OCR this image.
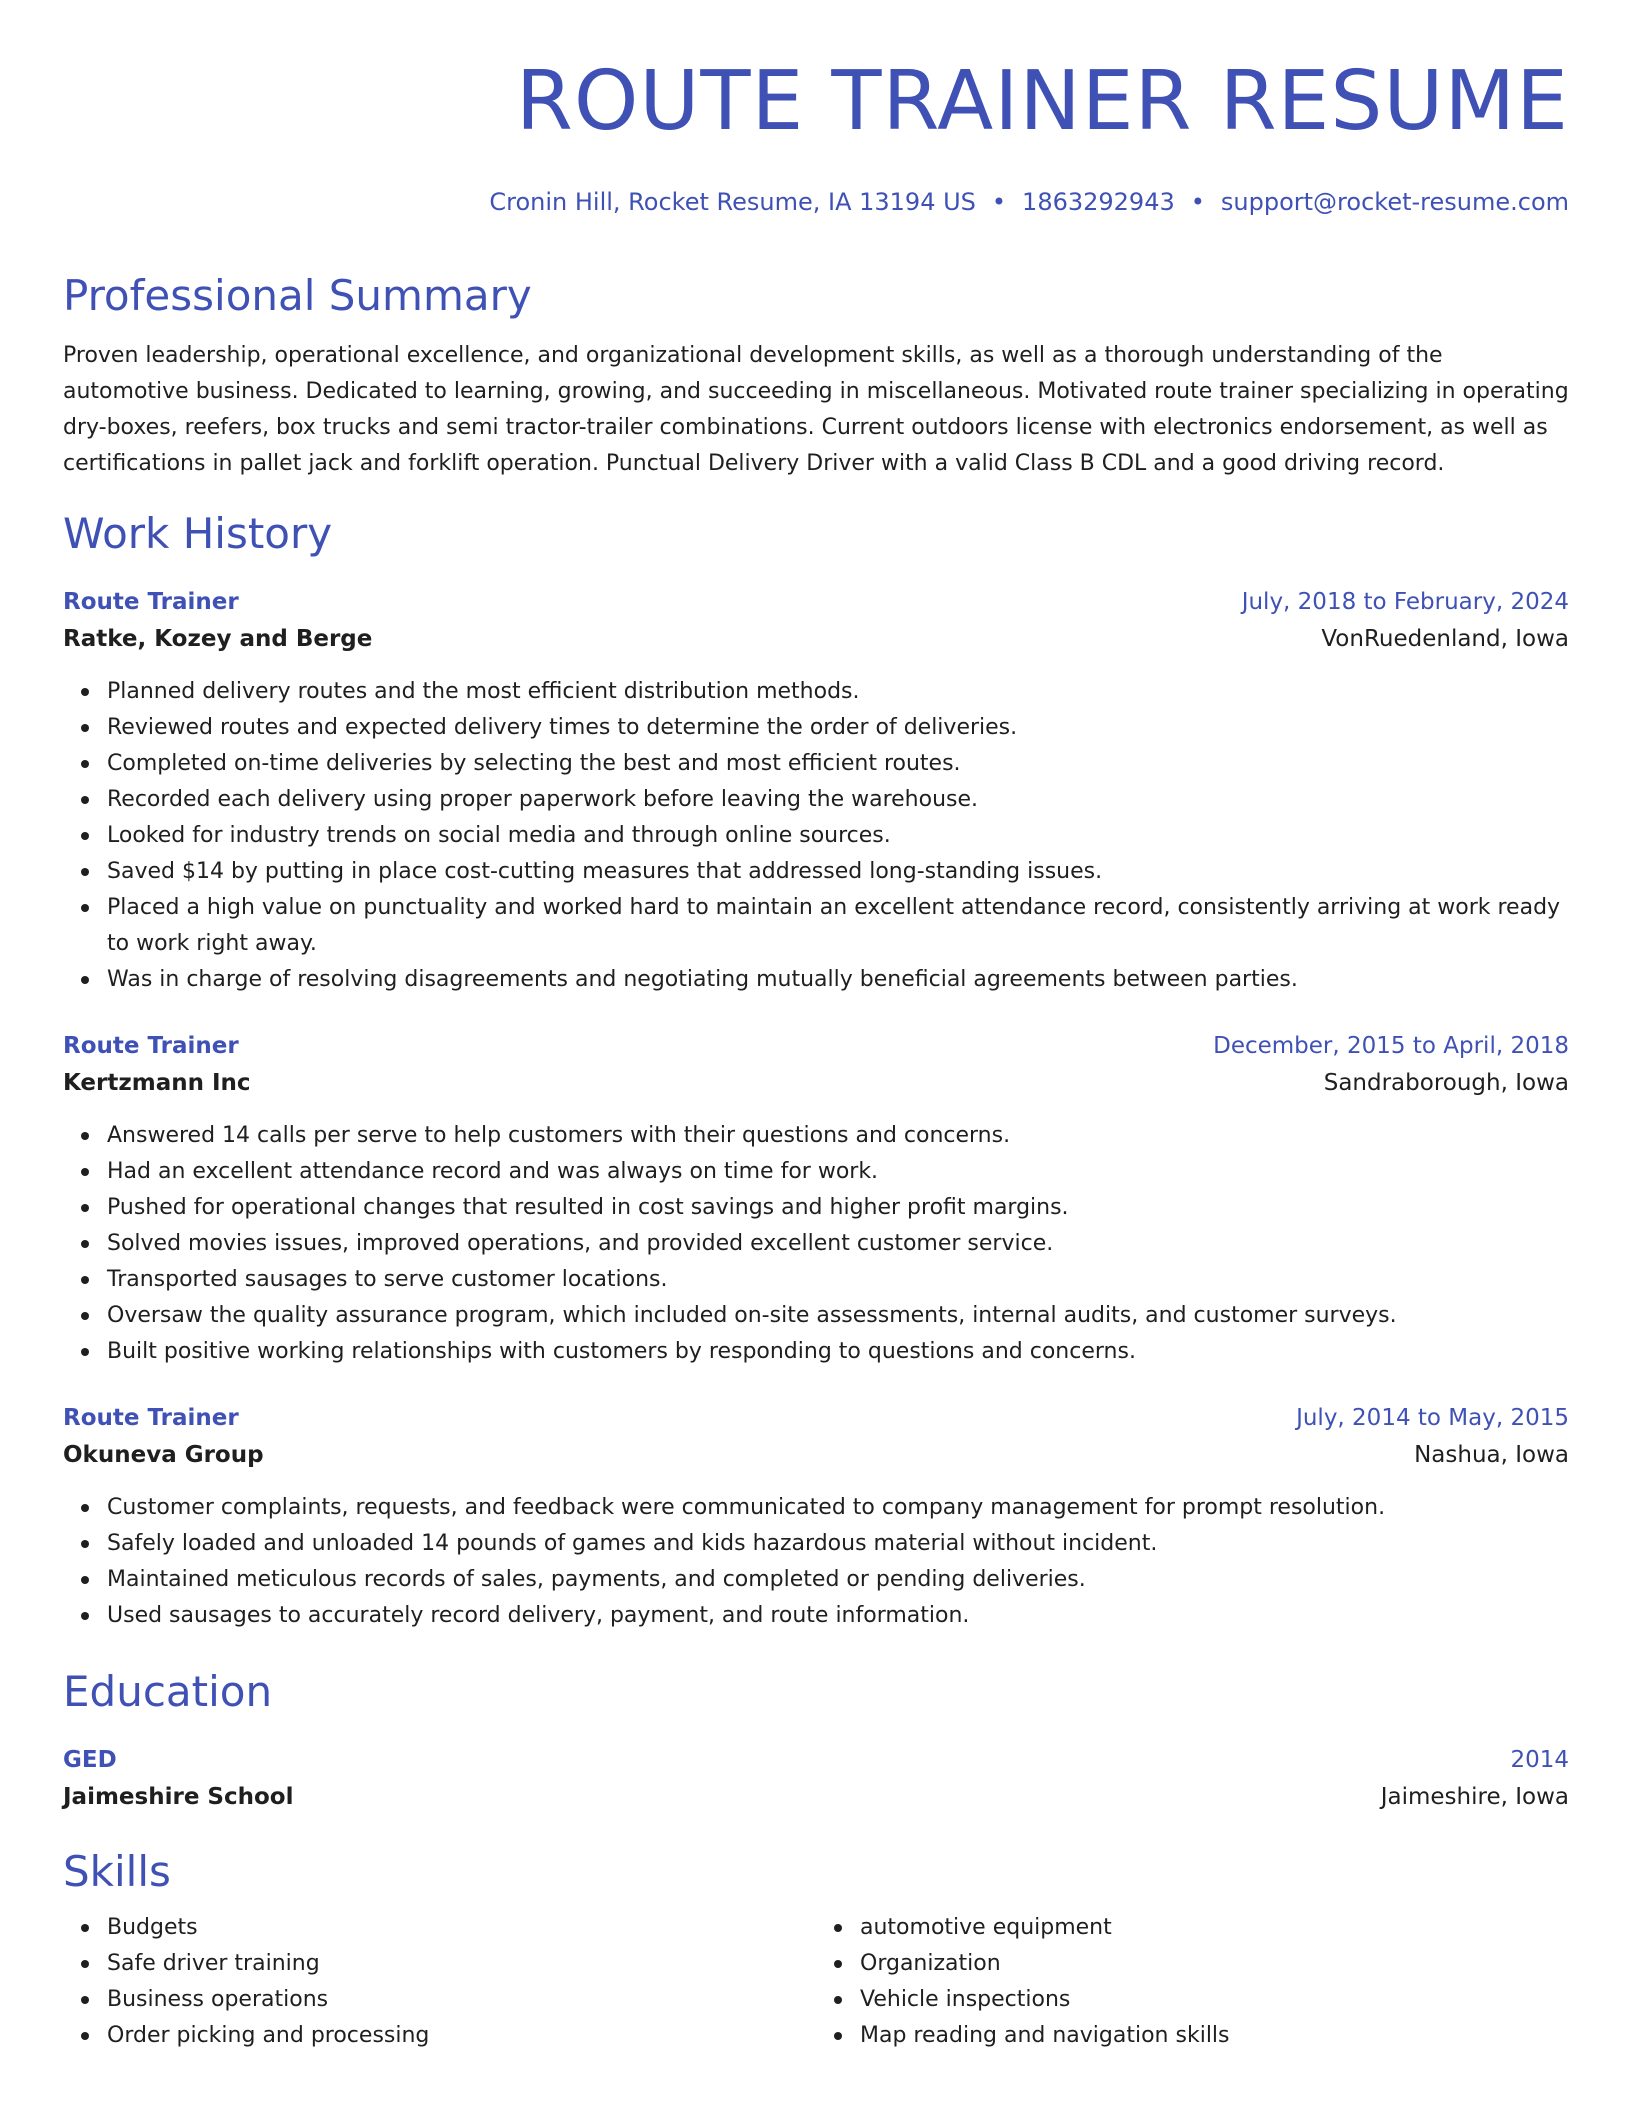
ROUTE TRAINER RESUME
Cronin Hill, Rocket Resume, IA 13194 US • 1863292943 • support@rocket-resume.com
Professional Summary
Proven leadership, operational excellence, and organizational development skills, as well as a thorough understanding of the automotive business. Dedicated to learning, growing, and succeeding in miscellaneous. Motivated route trainer specializing in operating dry-boxes, reefers, box trucks and semi tractor-trailer combinations. Current outdoors license with electronics endorsement, as well as certifications in pallet jack and forklift operation. Punctual Delivery Driver with a valid Class B CDL and a good driving record.
Work History
Route Trainer	July, 2018 to February, 2024
Ratke, Kozey and Berge	VonRuedenland, Iowa
Planned delivery routes and the most efficient distribution methods.
Reviewed routes and expected delivery times to determine the order of deliveries.
Completed on-time deliveries by selecting the best and most efficient routes.
Recorded each delivery using proper paperwork before leaving the warehouse.
Looked for industry trends on social media and through online sources.
Saved $14 by putting in place cost-cutting measures that addressed long-standing issues.
Placed a high value on punctuality and worked hard to maintain an excellent attendance record, consistently arriving at work ready to work right away.
Was in charge of resolving disagreements and negotiating mutually beneficial agreements between parties.
Route Trainer	December, 2015 to April, 2018
Kertzmann Inc	Sandraborough, Iowa
Answered 14 calls per serve to help customers with their questions and concerns.
Had an excellent attendance record and was always on time for work.
Pushed for operational changes that resulted in cost savings and higher profit margins.
Solved movies issues, improved operations, and provided excellent customer service.
Transported sausages to serve customer locations.
Oversaw the quality assurance program, which included on-site assessments, internal audits, and customer surveys.
Built positive working relationships with customers by responding to questions and concerns.
Route Trainer	July, 2014 to May, 2015
Okuneva Group	Nashua, Iowa
Customer complaints, requests, and feedback were communicated to company management for prompt resolution.
Safely loaded and unloaded 14 pounds of games and kids hazardous material without incident.
Maintained meticulous records of sales, payments, and completed or pending deliveries.
Used sausages to accurately record delivery, payment, and route information.
Education
GED	2014
Jaimeshire School	Jaimeshire, Iowa
Skills
Budgets
Safe driver training
Business operations
Order picking and processing
automotive equipment
Organization
Vehicle inspections
Map reading and navigation skills
